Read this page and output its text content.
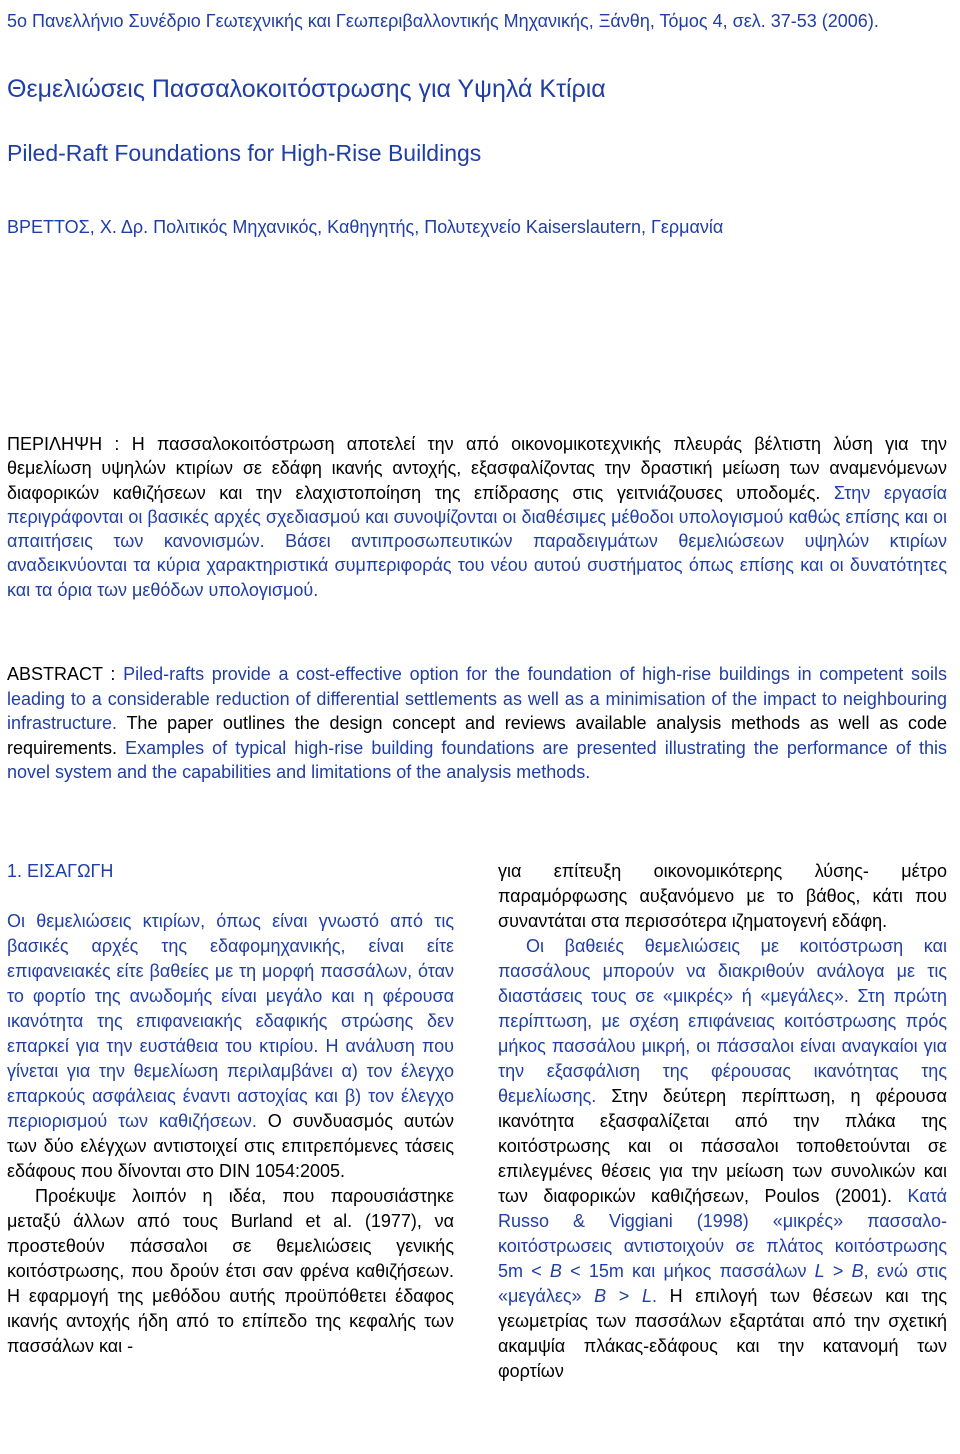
5ο Πανελλήνιο Συνέδριο Γεωτεχνικής και Γεωπεριβαλλοντικής Μηχανικής, Ξάνθη, Τόμος 4, σελ. 37-53 (2006).
Θεμελιώσεις Πασσαλοκοιτόστρωσης για Υψηλά Κτίρια
Piled-Raft Foundations for High-Rise Buildings
ΒΡΕΤΤΟΣ, Χ. Δρ. Πολιτικός Μηχανικός, Καθηγητής, Πολυτεχνείο Kaiserslautern, Γερμανία

ΠΕΡΙΛΗΨΗ : Η πασσαλοκοιτόστρωση αποτελεί την από οικονομικοτεχνικής πλευράς βέλτιστη λύση για την θεμελίωση υψηλών κτιρίων σε εδάφη ικανής αντοχής, εξασφαλίζοντας την δραστική μείωση των αναμενόμενων διαφορικών καθιζήσεων και την ελαχιστοποίηση της επίδρασης στις γειτνιάζουσες υποδομές. Στην εργασία περιγράφονται οι βασικές αρχές σχεδιασμού και συνοψίζονται οι διαθέσιμες μέθοδοι υπολογισμού καθώς επίσης και οι απαιτήσεις των κανονισμών. Βάσει αντιπροσωπευτικών παραδειγμάτων θεμελιώσεων υψηλών κτιρίων αναδεικνύονται τα κύρια χαρακτηριστικά συμπεριφοράς του νέου αυτού συστήματος όπως επίσης και οι δυνατότητες και τα όρια των μεθόδων υπολογισμού.

ABSTRACT : Piled-rafts provide a cost-effective option for the foundation of high-rise buildings in competent soils leading to a considerable reduction of differential settlements as well as a minimisation of the impact to neighbouring infrastructure. The paper outlines the design concept and reviews available analysis methods as well as code requirements. Examples of typical high-rise building foundations are presented illustrating the performance of this novel system and the capabilities and limitations of the analysis methods.

1. ΕΙΣΑΓΩΓΗ

Οι θεμελιώσεις κτιρίων, όπως είναι γνωστό από τις βασικές αρχές της εδαφομηχανικής, είναι είτε επιφανειακές είτε βαθείες με τη μορφή πασσάλων, όταν το φορτίο της ανωδομής είναι μεγάλο και η φέρουσα ικανότητα της επιφανειακής εδαφικής στρώσης δεν επαρκεί για την ευστάθεια του κτιρίου. Η ανάλυση που γίνεται για την θεμελίωση περιλαμβάνει α) τον έλεγχο επαρκούς ασφάλειας έναντι αστοχίας και β) τον έλεγχο περιορισμού των καθιζήσεων. Ο συνδυασμός αυτών των δύο ελέγχων αντιστοιχεί στις επιτρεπόμενες τάσεις εδάφους που δίνονται στο DIN 1054:2005.

Προέκυψε λοιπόν η ιδέα, που παρουσιάστηκε μεταξύ άλλων από τους Burland et al. (1977), να προστεθούν πάσσαλοι σε θεμελιώσεις γενικής κοιτόστρωσης, που δρούν έτσι σαν φρένα καθιζήσεων. Η εφαρμογή της μεθόδου αυτής προϋπόθετει έδαφος ικανής αντοχής ήδη από το επίπεδο της κεφαλής των πασσάλων και -

για επίτευξη οικονομικότερης λύσης- μέτρο παραμόρφωσης αυξανόμενο με το βάθος, κάτι που συναντάται στα περισσότερα ιζηματογενή εδάφη.

Οι βαθειές θεμελιώσεις με κοιτόστρωση και πασσάλους μπορούν να διακριθούν ανάλογα με τις διαστάσεις τους σε «μικρές» ή «μεγάλες». Στη πρώτη περίπτωση, με σχέση επιφάνειας κοιτόστρωσης πρός μήκος πασσάλου μικρή, οι πάσσαλοι είναι αναγκαίοι για την εξασφάλιση της φέρουσας ικανότητας της θεμελίωσης. Στην δεύτερη περίπτωση, η φέρουσα ικανότητα εξασφαλίζεται από την πλάκα της κοιτόστρωσης και οι πάσσαλοι τοποθετούνται σε επιλεγμένες θέσεις για την μείωση των συνολικών και των διαφορικών καθιζήσεων, Poulos (2001). Κατά Russo & Viggiani (1998) «μικρές» πασσαλο-κοιτόστρωσεις αντιστοιχούν σε πλάτος κοιτόστρωσης 5m < B < 15m και μήκος πασσάλων L > B, ενώ στις «μεγάλες» B > L. Η επιλογή των θέσεων και της γεωμετρίας των πασσάλων εξαρτάται από την σχετική ακαμψία πλάκας-εδάφους και την κατανομή των φορτίων
